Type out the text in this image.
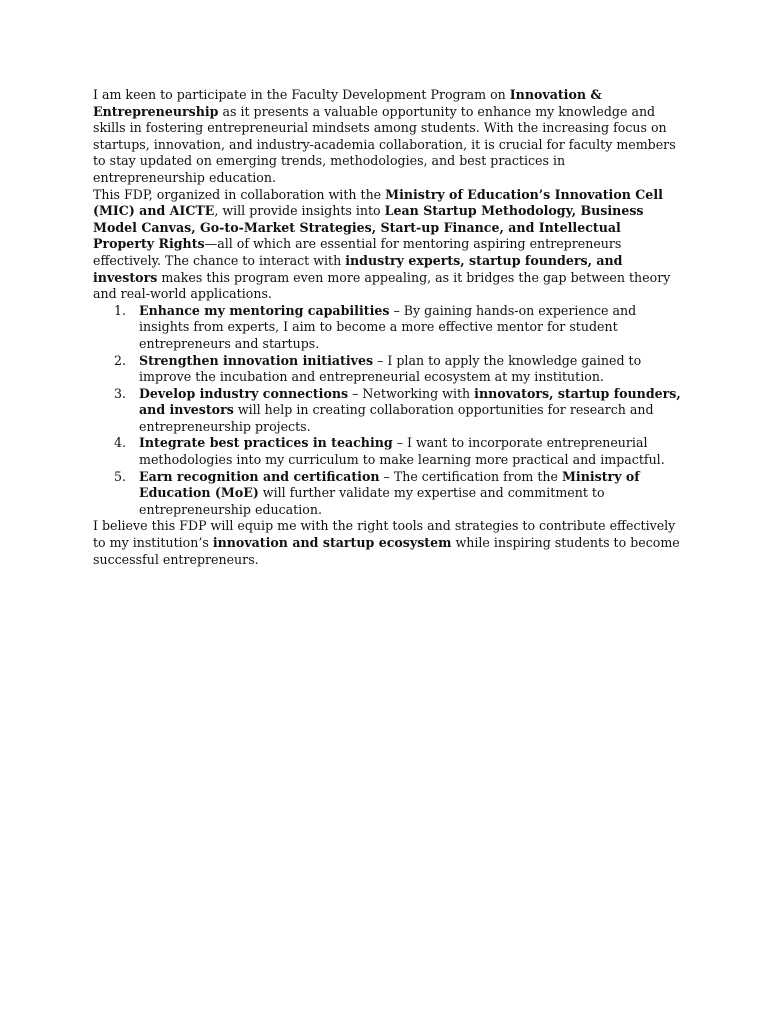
I am keen to participate in the Faculty Development Program on Innovation & Entrepreneurship as it presents a valuable opportunity to enhance my knowledge and skills in fostering entrepreneurial mindsets among students. With the increasing focus on startups, innovation, and industry-academia collaboration, it is crucial for faculty members to stay updated on emerging trends, methodologies, and best practices in entrepreneurship education.

This FDP, organized in collaboration with the Ministry of Education’s Innovation Cell (MIC) and AICTE, will provide insights into Lean Startup Methodology, Business Model Canvas, Go-to-Market Strategies, Start-up Finance, and Intellectual Property Rights—all of which are essential for mentoring aspiring entrepreneurs effectively. The chance to interact with industry experts, startup founders, and investors makes this program even more appealing, as it bridges the gap between theory and real-world applications.

1. Enhance my mentoring capabilities – By gaining hands-on experience and insights from experts, I aim to become a more effective mentor for student entrepreneurs and startups.
2. Strengthen innovation initiatives – I plan to apply the knowledge gained to improve the incubation and entrepreneurial ecosystem at my institution.
3. Develop industry connections – Networking with innovators, startup founders, and investors will help in creating collaboration opportunities for research and entrepreneurship projects.
4. Integrate best practices in teaching – I want to incorporate entrepreneurial methodologies into my curriculum to make learning more practical and impactful.
5. Earn recognition and certification – The certification from the Ministry of Education (MoE) will further validate my expertise and commitment to entrepreneurship education.

I believe this FDP will equip me with the right tools and strategies to contribute effectively to my institution’s innovation and startup ecosystem while inspiring students to become successful entrepreneurs.
